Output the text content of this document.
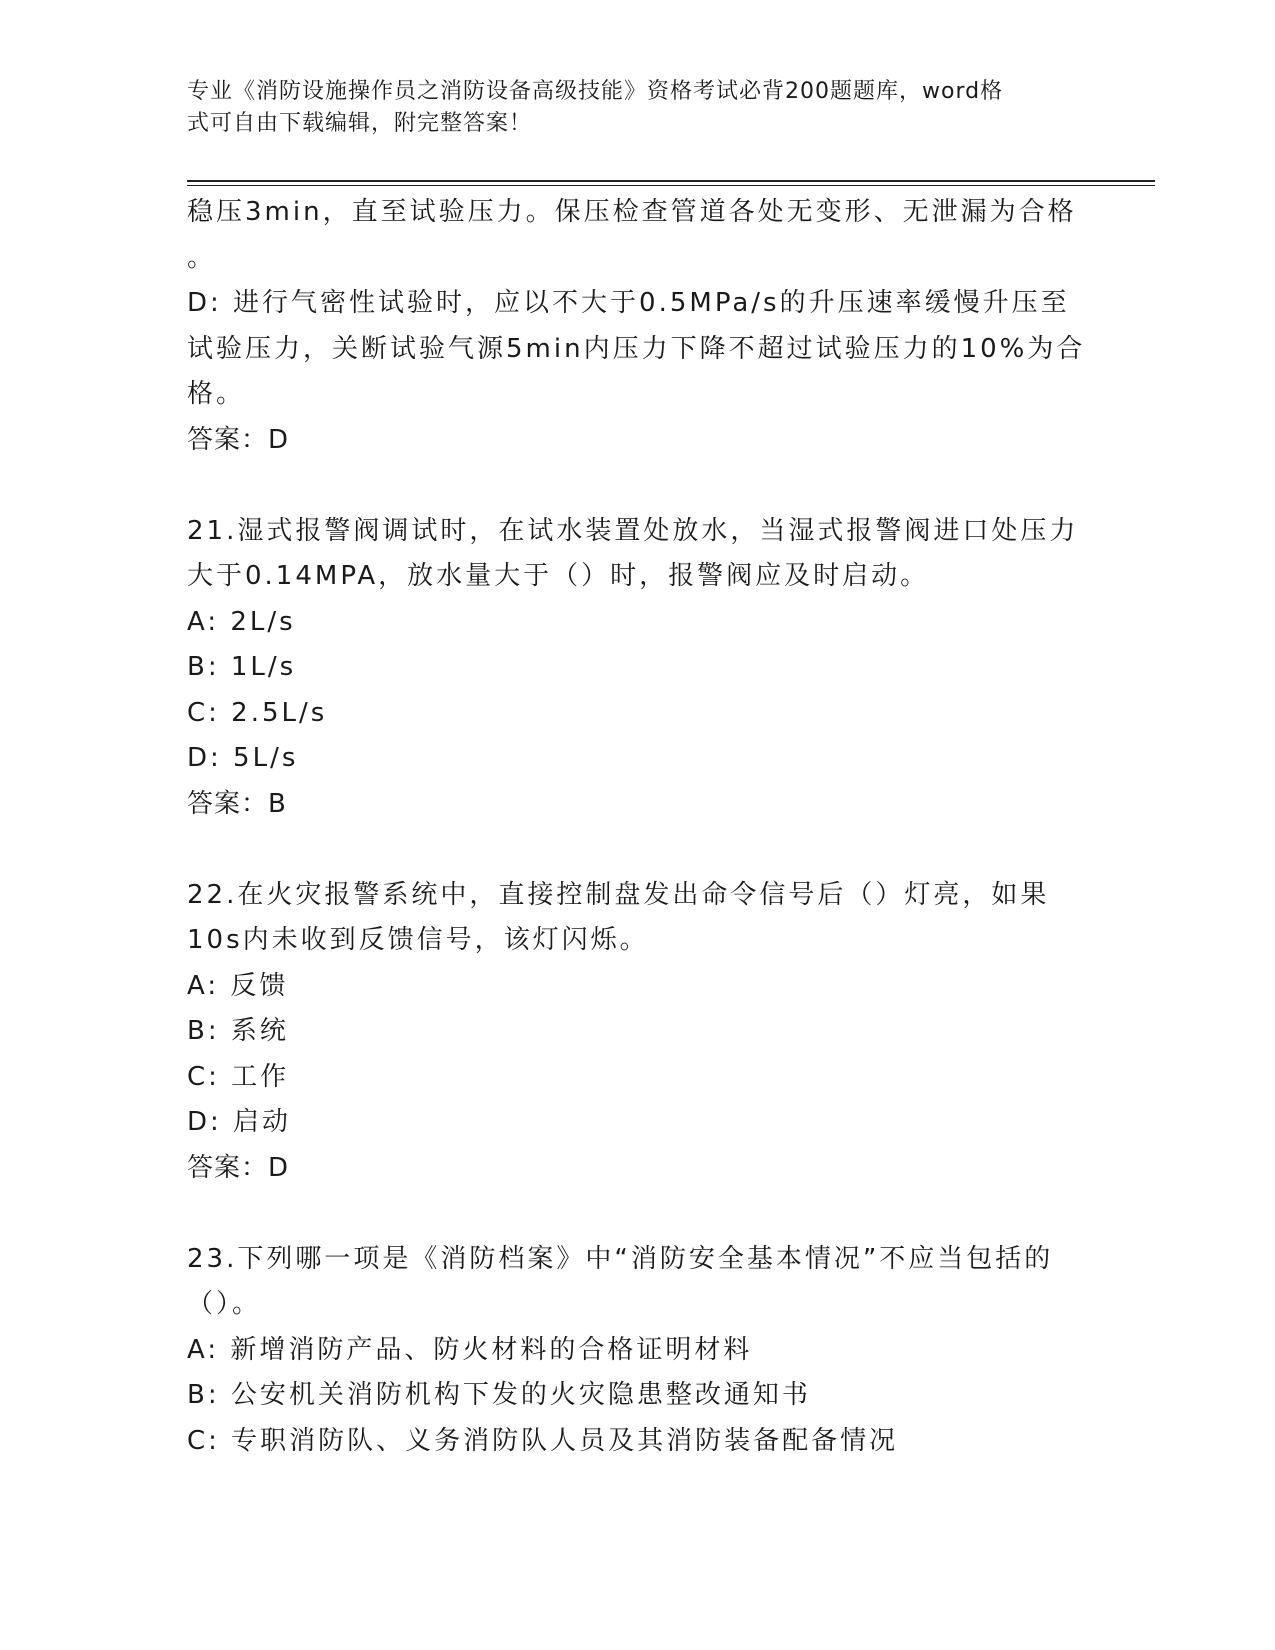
专业《消防设施操作员之消防设备高级技能》资格考试必背200题题库，word格
式可自由下载编辑，附完整答案！
稳压3min，直至试验压力。保压检查管道各处无变形、无泄漏为合格
。
D: 进行气密性试验时，应以不大于0.5MPa/s的升压速率缓慢升压至
试验压力，关断试验气源5min内压力下降不超过试验压力的10%为合
格。
答案：D
21.湿式报警阀调试时，在试水装置处放水，当湿式报警阀进口处压力
大于0.14MPA，放水量大于（）时，报警阀应及时启动。
A: 2L/s
B: 1L/s
C: 2.5L/s
D: 5L/s
答案：B
22.在火灾报警系统中，直接控制盘发出命令信号后（）灯亮，如果
10s内未收到反馈信号，该灯闪烁。
A: 反馈
B: 系统
C: 工作
D: 启动
答案：D
23.下列哪一项是《消防档案》中“消防安全基本情况”不应当包括的
（）。
A: 新增消防产品、防火材料的合格证明材料
B: 公安机关消防机构下发的火灾隐患整改通知书
C: 专职消防队、义务消防队人员及其消防装备配备情况
